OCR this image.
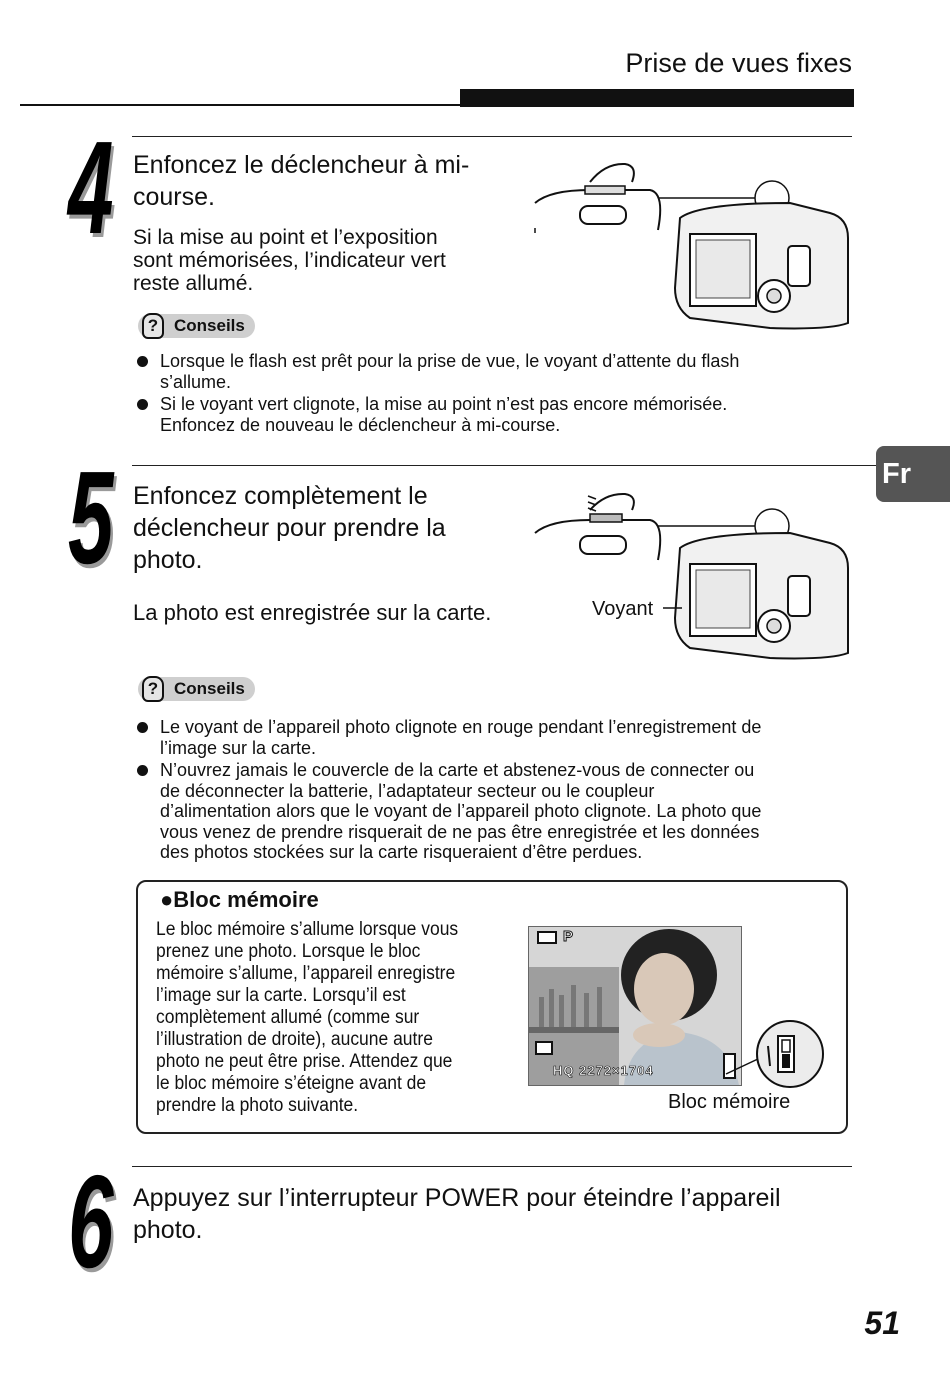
Prise de vues fixes
Fr
4 Enfoncez le déclencheur à mi-
course.
Si la mise au point et l’exposition
sont mémorisées, l’indicateur vert
reste allumé.
? Conseils
Lorsque le flash est prêt pour la prise de vue, le voyant d’attente du flash
s’allume.
Si le voyant vert clignote, la mise au point n’est pas encore mémorisée.
Enfoncez de nouveau le déclencheur à mi-course.
5 Enfoncez complètement le
déclencheur pour prendre la
photo.
La photo est enregistrée sur la carte.	Voyant
? Conseils
Le voyant de l’appareil photo clignote en rouge pendant l’enregistrement de
l’image sur la carte.
N’ouvrez jamais le couvercle de la carte et abstenez-vous de connecter ou
de déconnecter la batterie, l’adaptateur secteur ou le coupleur
d’alimentation alors que le voyant de l’appareil photo clignote. La photo que
vous venez de prendre risquerait de ne pas être enregistrée et les données
des photos stockées sur la carte risqueraient d’être perdues.
●Bloc mémoire
Le bloc mémoire s’allume lorsque vous
prenez une photo. Lorsque le bloc
mémoire s’allume, l’appareil enregistre
l’image sur la carte. Lorsqu’il est
complètement allumé (comme sur
l’illustration de droite), aucune autre
photo ne peut être prise. Attendez que
le bloc mémoire s’éteigne avant de
prendre la photo suivante.
P
HQ 2272×1704
Bloc mémoire
6 Appuyez sur l’interrupteur POWER pour éteindre l’appareil
photo.
51
